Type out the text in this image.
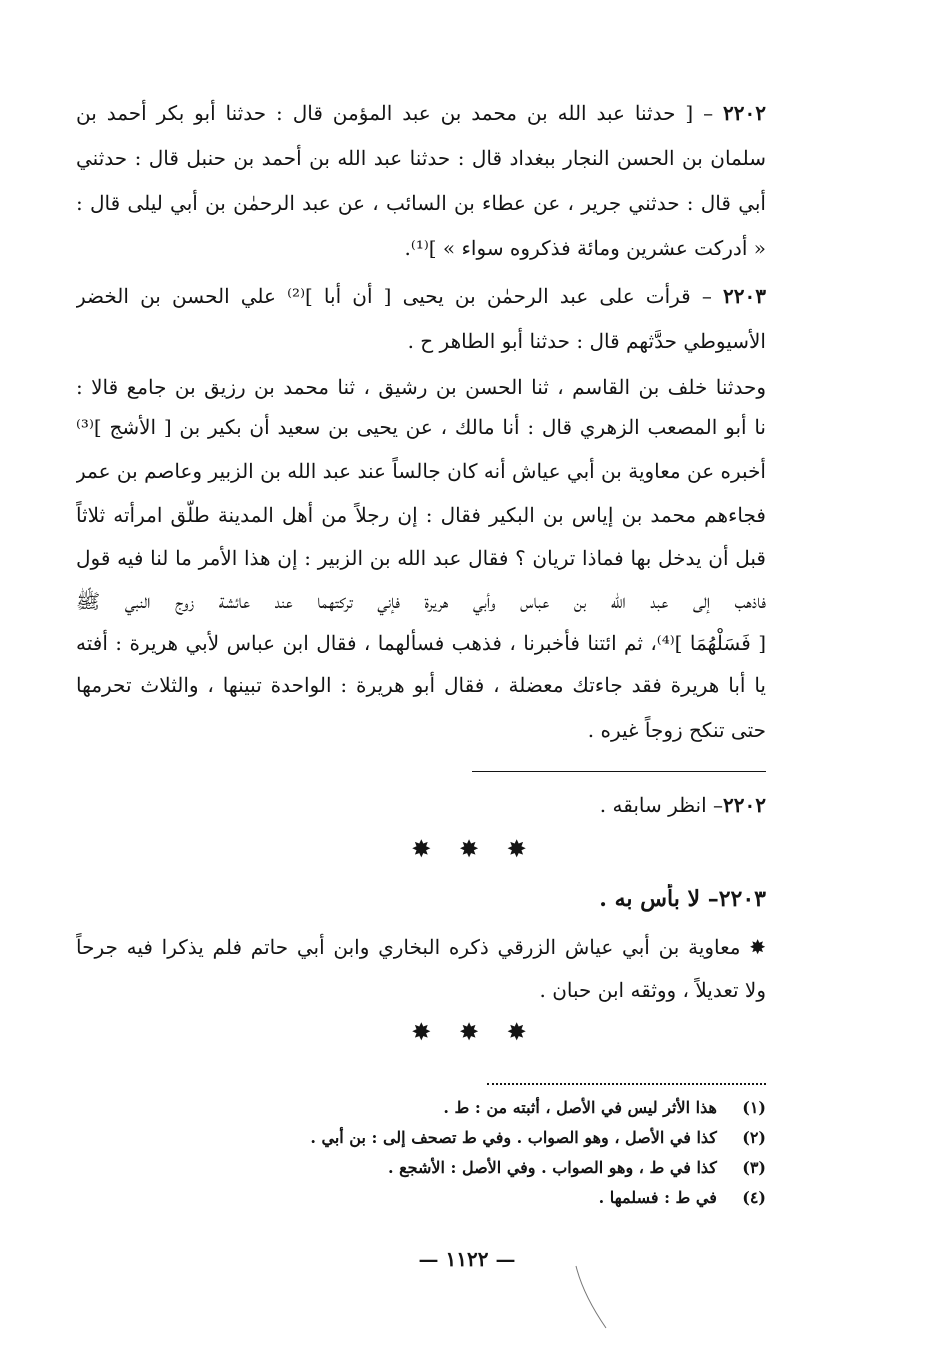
٢٢٠٢ – [ حدثنا عبد الله بن محمد بن عبد المؤمن قال : حدثنا أبو بكر أحمد بن
سلمان بن الحسن النجار ببغداد قال : حدثنا عبد الله بن أحمد بن حنبل قال : حدثني
أبي قال : حدثني جرير ، عن عطاء بن السائب ، عن عبد الرحمٰن بن أبي ليلى قال :
« أدركت عشرين ومائة فذكروه سواء » ]⁽¹⁾.
٢٢٠٣ – قرأت على عبد الرحمٰن بن يحيى [ أن أبا ]⁽²⁾ علي الحسن بن الخضر
الأسيوطي حدَّثهم قال : حدثنا أبو الطاهر ح .
وحدثنا خلف بن القاسم ، ثنا الحسن بن رشيق ، ثنا محمد بن رزيق بن جامع قالا :
نا أبو المصعب الزهري قال : أنا مالك ، عن يحيى بن سعيد أن بكير بن [ الأشج ]⁽³⁾
أخبره عن معاوية بن أبي عياش أنه كان جالساً عند عبد الله بن الزبير وعاصم بن عمر
فجاءهم محمد بن إياس بن البكير فقال : إن رجلاً من أهل المدينة طلّق امرأته ثلاثاً
قبل أن يدخل بها فماذا تريان ؟ فقال عبد الله بن الزبير : إن هذا الأمر ما لنا فيه قول
فاذهب إلى عبد الله بن عباس وأبي هريرة فإني تركتهما عند عائشة زوج النبي ﷺ
[ فَسَلْهُمَا ]⁽⁴⁾، ثم ائتنا فأخبرنا ، فذهب فسألهما ، فقال ابن عباس لأبي هريرة : أفته
يا أبا هريرة فقد جاءتك معضلة ، فقال أبو هريرة : الواحدة تبينها ، والثلاث تحرمها
حتى تنكح زوجاً غيره .
٢٢٠٢– انظر سابقه .
✸ ✸ ✸
٢٢٠٣– لا بأس به .
✸ معاوية بن أبي عياش الزرقي ذكره البخاري وابن أبي حاتم فلم يذكرا فيه جرحاً
ولا تعديلاً ، ووثقه ابن حبان .
✸ ✸ ✸
(١) هذا الأثر ليس في الأصل ، أثبته من : ط .
(٢) كذا في الأصل ، وهو الصواب . وفي ط تصحف إلى : بن أبي .
(٣) كذا في ط ، وهو الصواب . وفي الأصل : الأشجع .
(٤) في ط : فسلمها .
— ١١٢٢ —
